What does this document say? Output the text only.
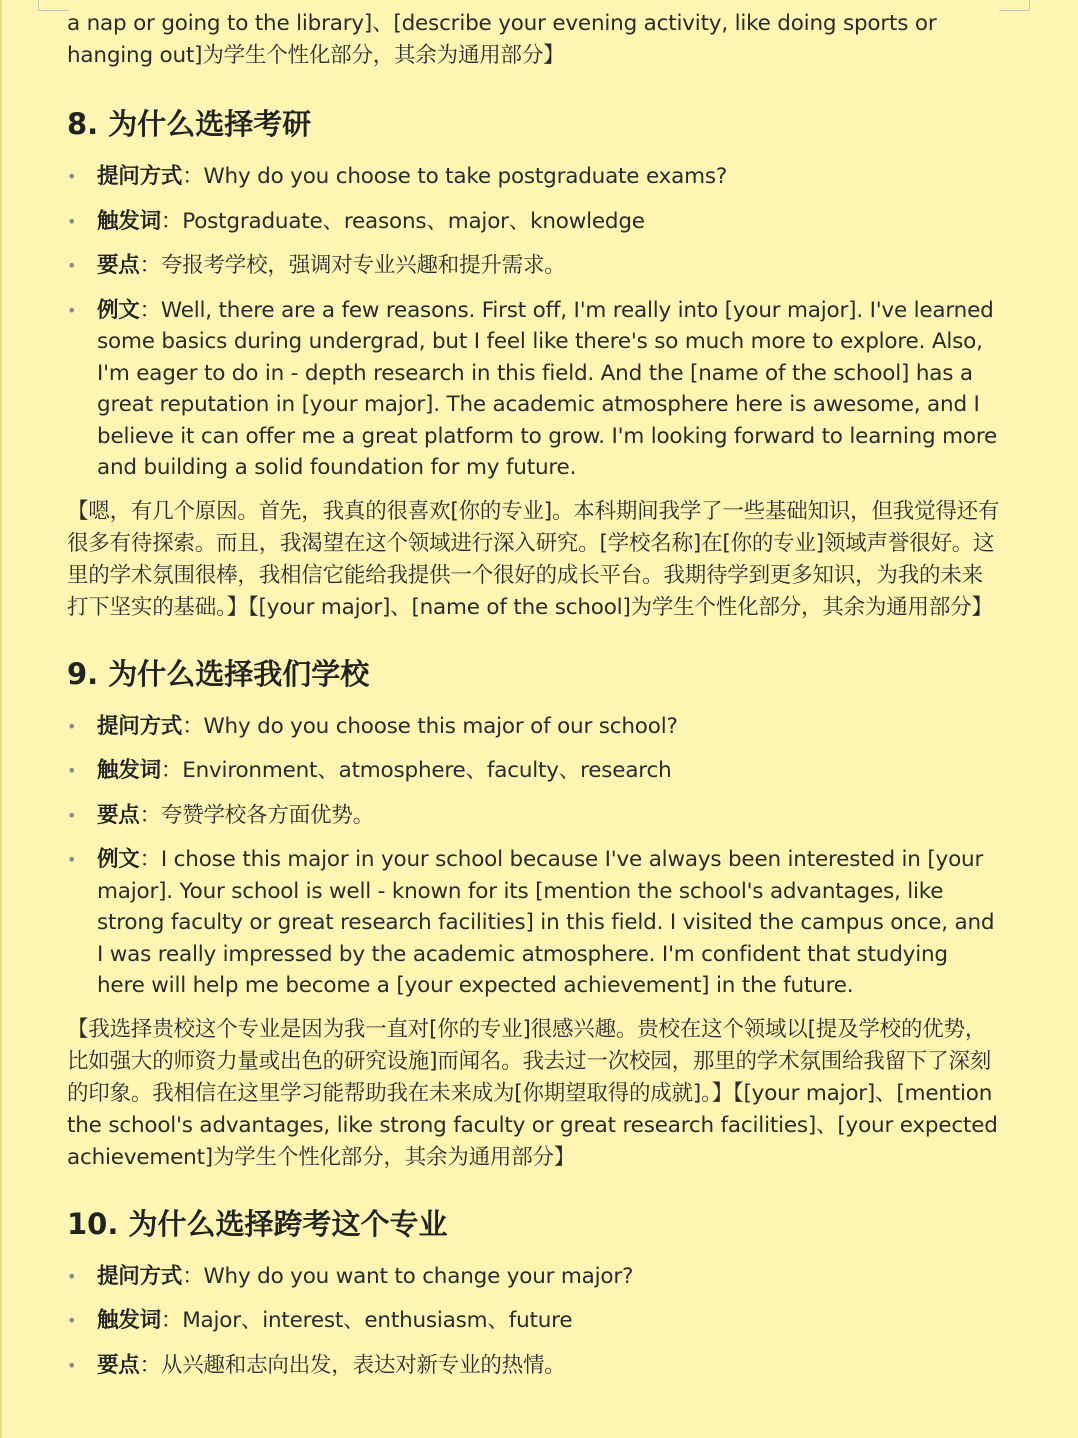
a nap or going to the library]、[describe your evening activity, like doing sports or hanging out]为学生个性化部分，其余为通用部分】

8. 为什么选择考研
• 提问方式：Why do you choose to take postgraduate exams?
• 触发词：Postgraduate、reasons、major、knowledge
• 要点：夸报考学校，强调对专业兴趣和提升需求。
• 例文：Well, there are a few reasons. First off, I'm really into [your major]. I've learned some basics during undergrad, but I feel like there's so much more to explore. Also, I'm eager to do in - depth research in this field. And the [name of the school] has a great reputation in [your major]. The academic atmosphere here is awesome, and I believe it can offer me a great platform to grow. I'm looking forward to learning more and building a solid foundation for my future.

【嗯，有几个原因。首先，我真的很喜欢[你的专业]。本科期间我学了一些基础知识，但我觉得还有很多有待探索。而且，我渴望在这个领域进行深入研究。[学校名称]在[你的专业]领域声誉很好。这里的学术氛围很棒，我相信它能给我提供一个很好的成长平台。我期待学到更多知识，为我的未来打下坚实的基础。】【[your major]、[name of the school]为学生个性化部分，其余为通用部分】

9. 为什么选择我们学校
• 提问方式：Why do you choose this major of our school?
• 触发词：Environment、atmosphere、faculty、research
• 要点：夸赞学校各方面优势。
• 例文：I chose this major in your school because I've always been interested in [your major]. Your school is well - known for its [mention the school's advantages, like strong faculty or great research facilities] in this field. I visited the campus once, and I was really impressed by the academic atmosphere. I'm confident that studying here will help me become a [your expected achievement] in the future.

【我选择贵校这个专业是因为我一直对[你的专业]很感兴趣。贵校在这个领域以[提及学校的优势，比如强大的师资力量或出色的研究设施]而闻名。我去过一次校园，那里的学术氛围给我留下了深刻的印象。我相信在这里学习能帮助我在未来成为[你期望取得的成就]。】【[your major]、[mention the school's advantages, like strong faculty or great research facilities]、[your expected achievement]为学生个性化部分，其余为通用部分】

10. 为什么选择跨考这个专业
• 提问方式：Why do you want to change your major?
• 触发词：Major、interest、enthusiasm、future
• 要点：从兴趣和志向出发，表达对新专业的热情。
